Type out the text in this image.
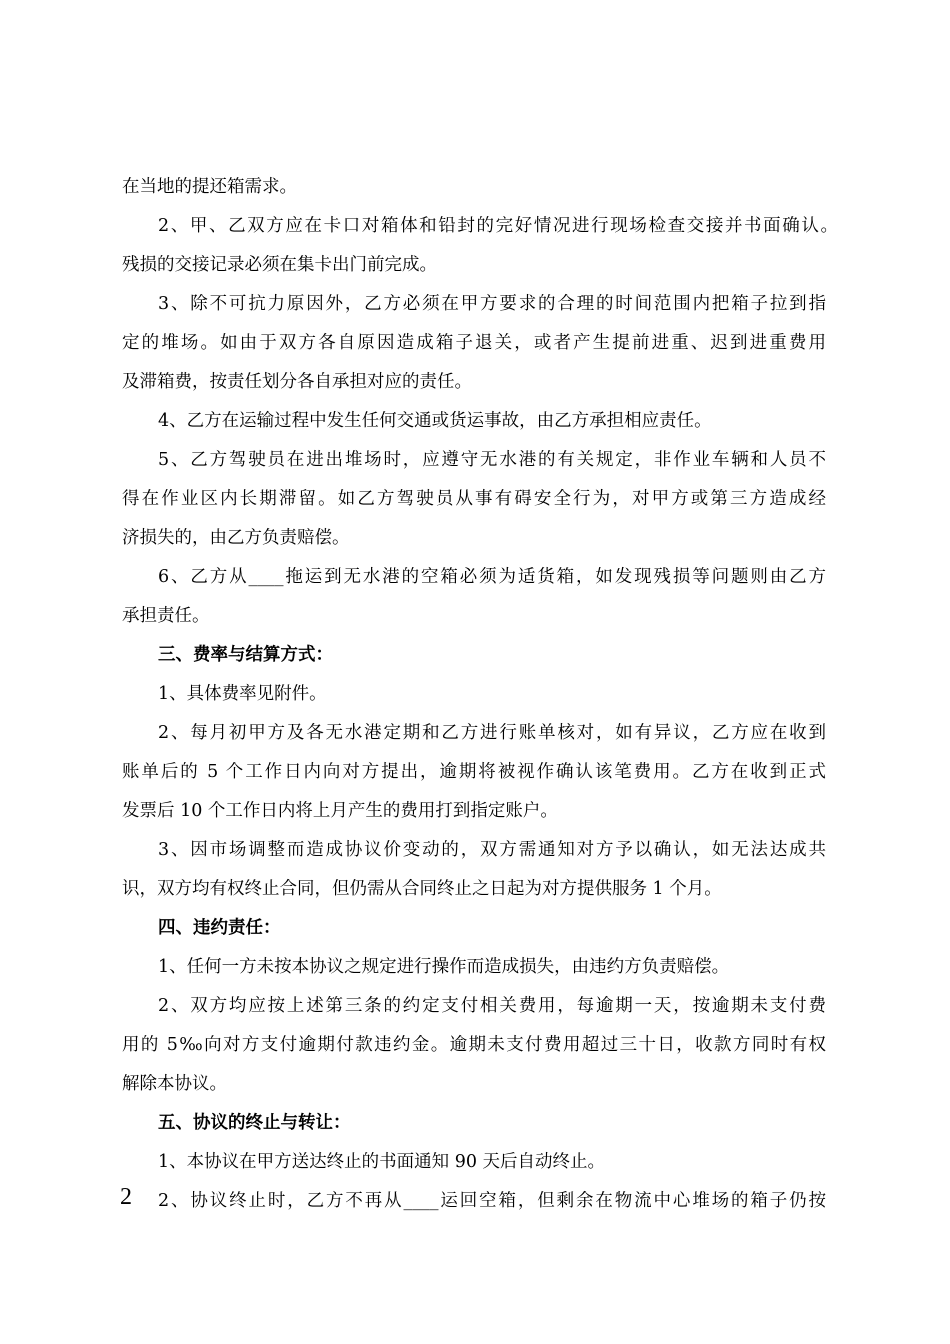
在当地的提还箱需求。
2、甲、乙双方应在卡口对箱体和铅封的完好情况进行现场检查交接并书面确认。
残损的交接记录必须在集卡出门前完成。
3、除不可抗力原因外，乙方必须在甲方要求的合理的时间范围内把箱子拉到指
定的堆场。如由于双方各自原因造成箱子退关，或者产生提前进重、迟到进重费用
及滞箱费，按责任划分各自承担对应的责任。
4、乙方在运输过程中发生任何交通或货运事故，由乙方承担相应责任。
5、乙方驾驶员在进出堆场时，应遵守无水港的有关规定，非作业车辆和人员不
得在作业区内长期滞留。如乙方驾驶员从事有碍安全行为，对甲方或第三方造成经
济损失的，由乙方负责赔偿。
6、乙方从____拖运到无水港的空箱必须为适货箱，如发现残损等问题则由乙方
承担责任。
三、费率与结算方式：
1、具体费率见附件。
2、每月初甲方及各无水港定期和乙方进行账单核对，如有异议，乙方应在收到
账单后的 5 个工作日内向对方提出，逾期将被视作确认该笔费用。乙方在收到正式
发票后 10 个工作日内将上月产生的费用打到指定账户。
3、因市场调整而造成协议价变动的，双方需通知对方予以确认，如无法达成共
识，双方均有权终止合同，但仍需从合同终止之日起为对方提供服务 1 个月。
四、违约责任：
1、任何一方未按本协议之规定进行操作而造成损失，由违约方负责赔偿。
2、双方均应按上述第三条的约定支付相关费用，每逾期一天，按逾期未支付费
用的 5‰向对方支付逾期付款违约金。逾期未支付费用超过三十日，收款方同时有权
解除本协议。
五、协议的终止与转让：
1、本协议在甲方送达终止的书面通知 90 天后自动终止。
2、协议终止时，乙方不再从____运回空箱，但剩余在物流中心堆场的箱子仍按
2
